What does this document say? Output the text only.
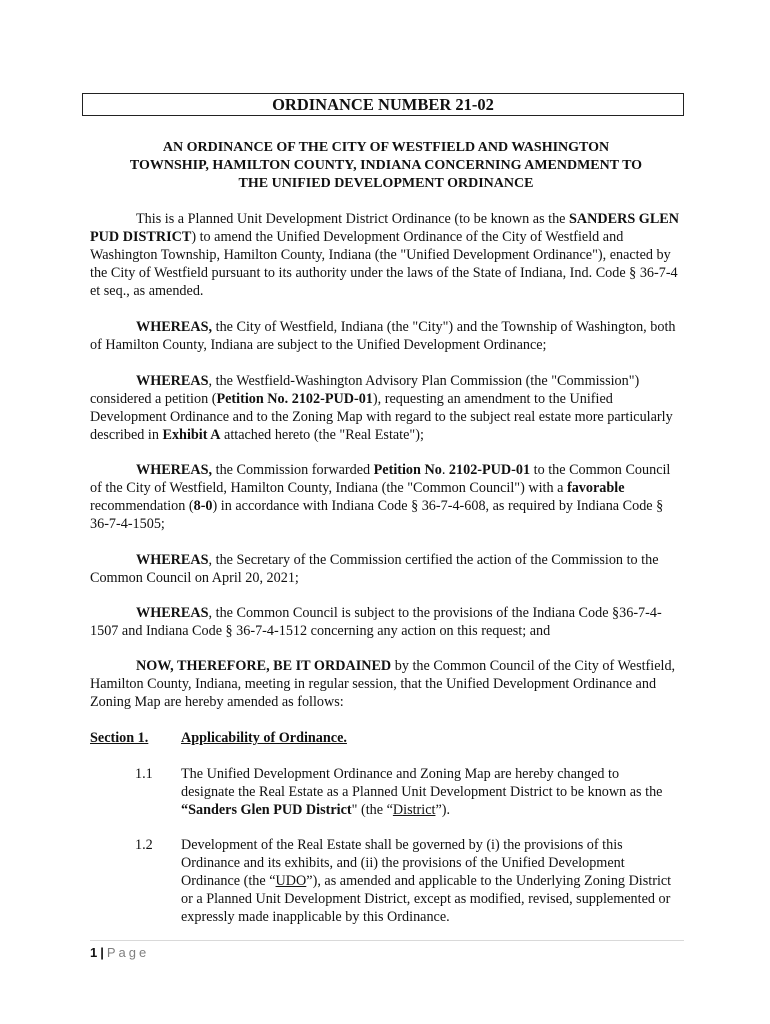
ORDINANCE NUMBER 21-02
AN ORDINANCE OF THE CITY OF WESTFIELD AND WASHINGTON
TOWNSHIP, HAMILTON COUNTY, INDIANA CONCERNING AMENDMENT TO
THE UNIFIED DEVELOPMENT ORDINANCE
This is a Planned Unit Development District Ordinance (to be known as the SANDERS GLEN PUD DISTRICT) to amend the Unified Development Ordinance of the City of Westfield and Washington Township, Hamilton County, Indiana (the "Unified Development Ordinance"), enacted by the City of Westfield pursuant to its authority under the laws of the State of Indiana, Ind. Code § 36-7-4 et seq., as amended.
WHEREAS, the City of Westfield, Indiana (the "City") and the Township of Washington, both of Hamilton County, Indiana are subject to the Unified Development Ordinance;
WHEREAS, the Westfield-Washington Advisory Plan Commission (the "Commission") considered a petition (Petition No. 2102-PUD-01), requesting an amendment to the Unified Development Ordinance and to the Zoning Map with regard to the subject real estate more particularly described in Exhibit A attached hereto (the "Real Estate");
WHEREAS, the Commission forwarded Petition No. 2102-PUD-01 to the Common Council of the City of Westfield, Hamilton County, Indiana (the "Common Council") with a favorable recommendation (8-0) in accordance with Indiana Code § 36-7-4-608, as required by Indiana Code § 36-7-4-1505;
WHEREAS, the Secretary of the Commission certified the action of the Commission to the Common Council on April 20, 2021;
WHEREAS, the Common Council is subject to the provisions of the Indiana Code §36-7-4-1507 and Indiana Code § 36-7-4-1512 concerning any action on this request; and
NOW, THEREFORE, BE IT ORDAINED by the Common Council of the City of Westfield, Hamilton County, Indiana, meeting in regular session, that the Unified Development Ordinance and Zoning Map are hereby amended as follows:
Section 1. Applicability of Ordinance.
1.1 The Unified Development Ordinance and Zoning Map are hereby changed to designate the Real Estate as a Planned Unit Development District to be known as the “Sanders Glen PUD District" (the “District”).
1.2 Development of the Real Estate shall be governed by (i) the provisions of this Ordinance and its exhibits, and (ii) the provisions of the Unified Development Ordinance (the “UDO”), as amended and applicable to the Underlying Zoning District or a Planned Unit Development District, except as modified, revised, supplemented or expressly made inapplicable by this Ordinance.
1 | Page
